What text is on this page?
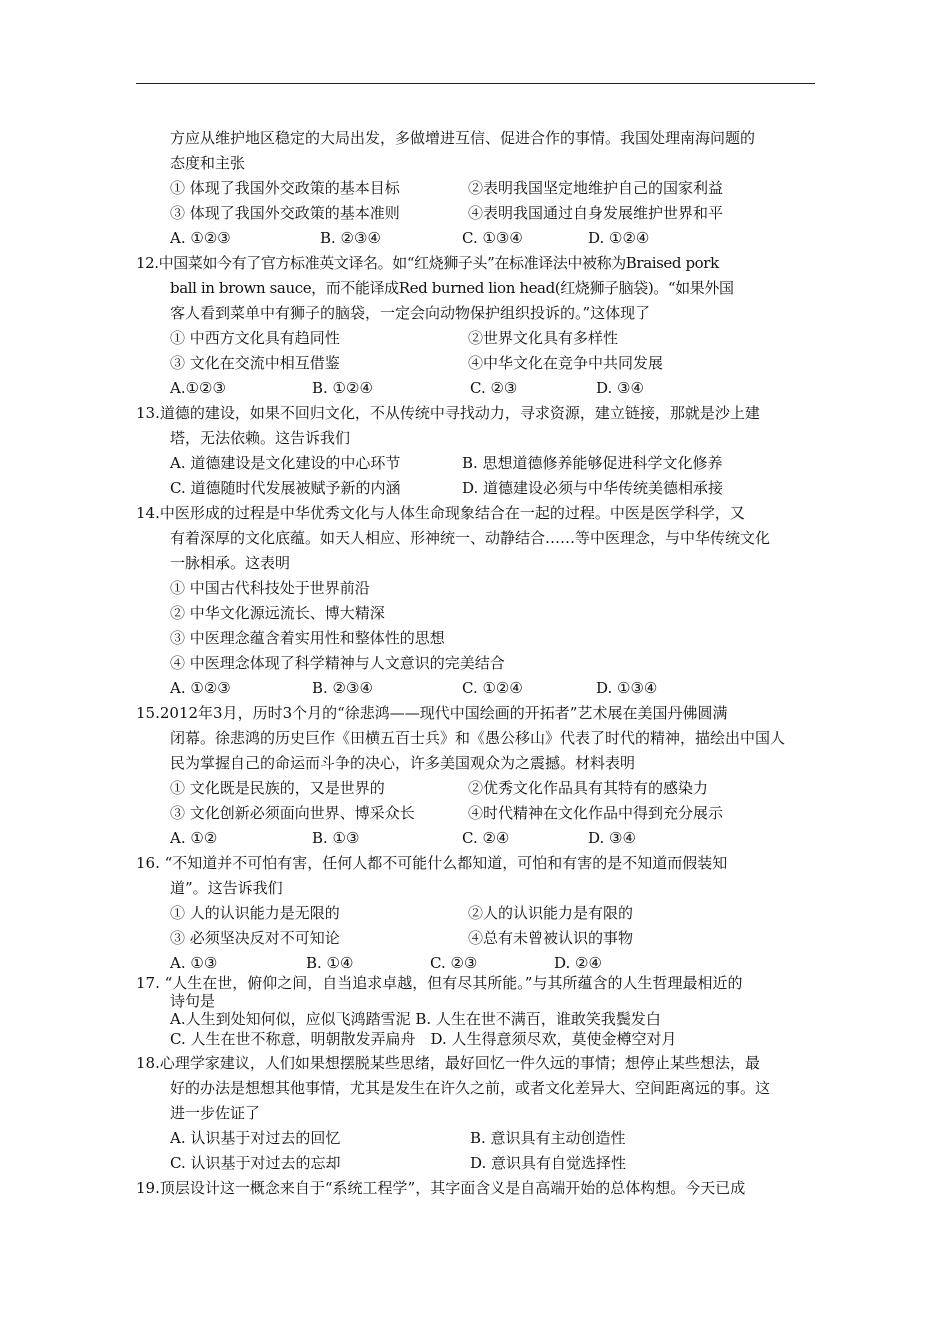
方应从维护地区稳定的大局出发，多做增进互信、促进合作的事情。我国处理南海问题的
态度和主张
① 体现了我国外交政策的基本目标	②表明我国坚定地维护自己的国家利益
③ 体现了我国外交政策的基本准则	④表明我国通过自身发展维护世界和平
A. ①②③	B. ②③④	C. ①③④	D. ①②④
12.中国菜如今有了官方标准英文译名。如“红烧狮子头”在标准译法中被称为Braised pork
ball in brown sauce，而不能译成Red burned lion head(红烧狮子脑袋)。“如果外国
客人看到菜单中有狮子的脑袋，一定会向动物保护组织投诉的。”这体现了
① 中西方文化具有趋同性	②世界文化具有多样性
③ 文化在交流中相互借鉴	④中华文化在竞争中共同发展
A.①②③	B. ①②④	C. ②③	D. ③④
13.道德的建设，如果不回归文化，不从传统中寻找动力，寻求资源，建立链接，那就是沙上建
塔，无法依赖。这告诉我们
A. 道德建设是文化建设的中心环节	B. 思想道德修养能够促进科学文化修养
C. 道德随时代发展被赋予新的内涵	D. 道德建设必须与中华传统美德相承接
14.中医形成的过程是中华优秀文化与人体生命现象结合在一起的过程。中医是医学科学，又
有着深厚的文化底蕴。如天人相应、形神统一、动静结合……等中医理念，与中华传统文化
一脉相承。这表明
① 中国古代科技处于世界前沿
② 中华文化源远流长、博大精深
③ 中医理念蕴含着实用性和整体性的思想
④ 中医理念体现了科学精神与人文意识的完美结合
A. ①②③	B. ②③④	C. ①②④	D. ①③④
15.2012年3月，历时3个月的“徐悲鸿——现代中国绘画的开拓者”艺术展在美国丹佛圆满
闭幕。徐悲鸿的历史巨作《田横五百士兵》和《愚公移山》代表了时代的精神，描绘出中国人
民为掌握自己的命运而斗争的决心，许多美国观众为之震撼。材料表明
① 文化既是民族的，又是世界的	②优秀文化作品具有其特有的感染力
③ 文化创新必须面向世界、博采众长	④时代精神在文化作品中得到充分展示
A. ①②	B. ①③	C. ②④	D. ③④
16. “不知道并不可怕有害，任何人都不可能什么都知道，可怕和有害的是不知道而假装知
道”。这告诉我们
① 人的认识能力是无限的	②人的认识能力是有限的
③ 必须坚决反对不可知论	④总有未曾被认识的事物
A. ①③	B. ①④	C. ②③	D. ②④
17. “人生在世，俯仰之间，自当追求卓越，但有尽其所能。”与其所蕴含的人生哲理最相近的
诗句是
A.人生到处知何似，应似飞鸿踏雪泥 B. 人生在世不满百，谁敢笑我鬓发白
C. 人生在世不称意，明朝散发弄扁舟　D. 人生得意须尽欢，莫使金樽空对月
18.心理学家建议，人们如果想摆脱某些思绪，最好回忆一件久远的事情；想停止某些想法，最
好的办法是想想其他事情，尤其是发生在许久之前，或者文化差异大、空间距离远的事。这
进一步佐证了
A. 认识基于对过去的回忆	B. 意识具有主动创造性
C. 认识基于对过去的忘却	D. 意识具有自觉选择性
19.顶层设计这一概念来自于“系统工程学”，其字面含义是自高端开始的总体构想。今天已成
